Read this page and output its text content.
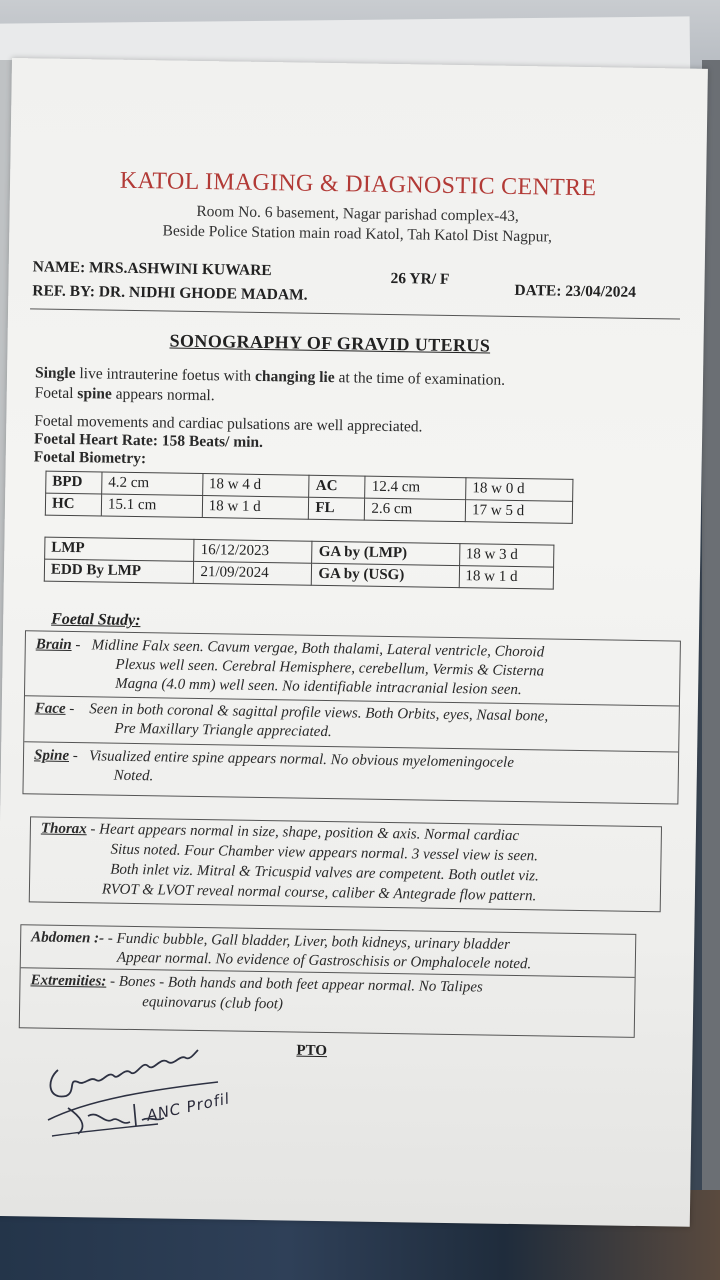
KATOL IMAGING & DIAGNOSTIC CENTRE
Room No. 6 basement, Nagar parishad complex-43,
Beside Police Station main road Katol, Tah Katol Dist Nagpur,
NAME: MRS.ASHWINI KUWARE	26 YR/ F
DATE: 23/04/2024
REF. BY: DR. NIDHI GHODE MADAM.
SONOGRAPHY OF GRAVID UTERUS
Single live intrauterine foetus with changing lie at the time of examination.
Foetal spine appears normal.
Foetal movements and cardiac pulsations are well appreciated.
Foetal Heart Rate: 158 Beats/ min.
Foetal Biometry:
BPD	4.2 cm	18 w 4 d	AC	12.4 cm	18 w 0 d
HC	15.1 cm	18 w 1 d	FL	2.6 cm	17 w 5 d
LMP	16/12/2023	GA by (LMP)	18 w 3 d
EDD By LMP	21/09/2024	GA by (USG)	18 w 1 d
Foetal Study:
Brain -   Midline Falx seen. Cavum vergae, Both thalami, Lateral ventricle, Choroid
Plexus well seen. Cerebral Hemisphere, cerebellum, Vermis & Cisterna
Magna (4.0 mm) well seen. No identifiable intracranial lesion seen.
Face -    Seen in both coronal & sagittal profile views. Both Orbits, eyes, Nasal bone,
Pre Maxillary Triangle appreciated.
Spine -   Visualized entire spine appears normal. No obvious myelomeningocele
Noted.
Thorax - Heart appears normal in size, shape, position & axis. Normal cardiac
Situs noted. Four Chamber view appears normal. 3 vessel view is seen.
Both inlet viz. Mitral & Tricuspid valves are competent. Both outlet viz.
RVOT & LVOT reveal normal course, caliber & Antegrade flow pattern.
Abdomen :- - Fundic bubble, Gall bladder, Liver, both kidneys, urinary bladder
Appear normal. No evidence of Gastroschisis or Omphalocele noted.
Extremities: - Bones - Both hands and both feet appear normal. No Talipes
equinovarus (club foot)
PTO
ANC Profil
